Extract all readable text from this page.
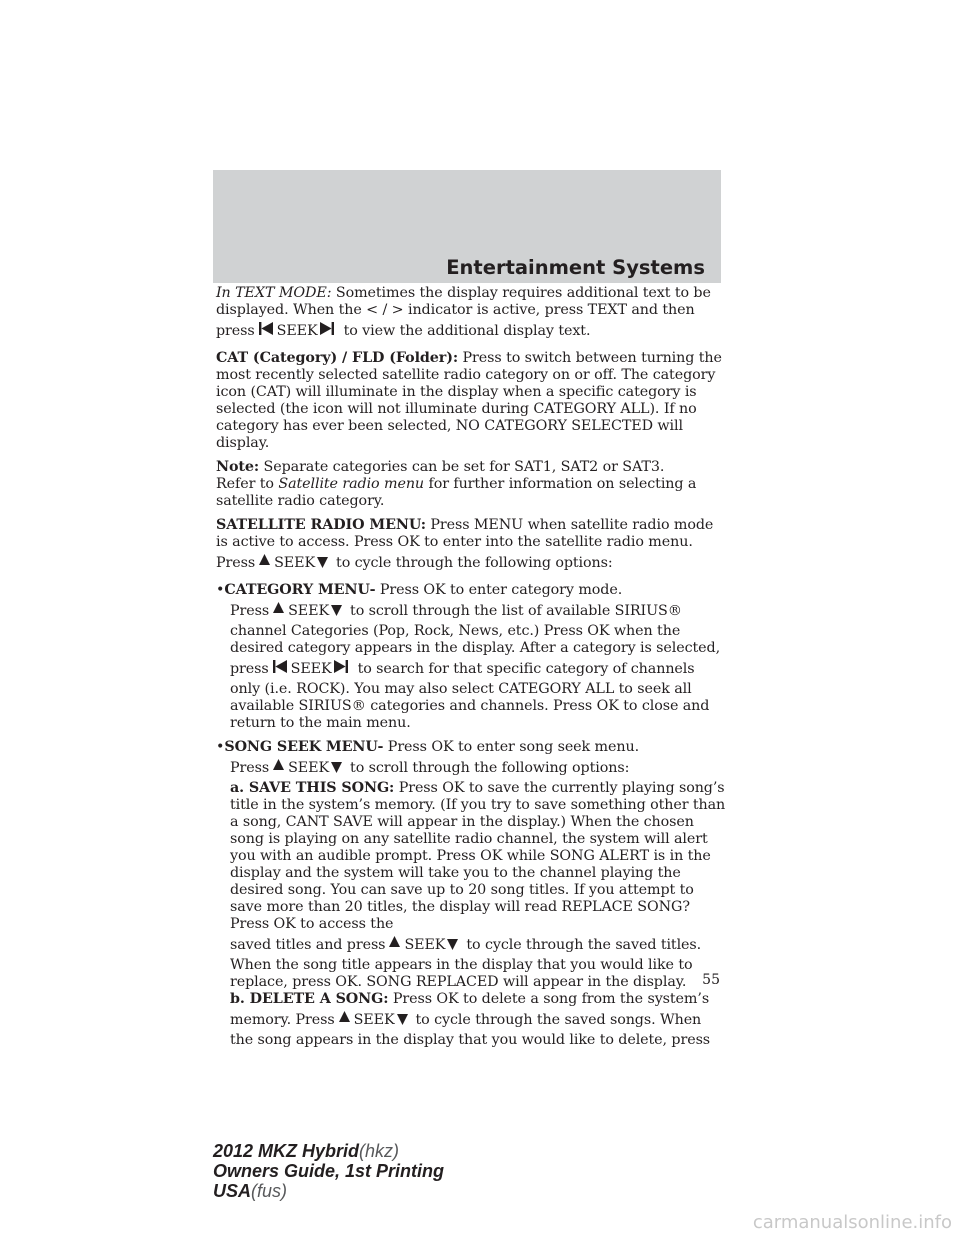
Entertainment Systems

In TEXT MODE: Sometimes the display requires additional text to be displayed. When the < / > indicator is active, press TEXT and then

press SEEK to view the additional display text.

CAT (Category) / FLD (Folder): Press to switch between turning the most recently selected satellite radio category on or off. The category icon (CAT) will illuminate in the display when a specific category is selected (the icon will not illuminate during CATEGORY ALL). If no category has ever been selected, NO CATEGORY SELECTED will display.

Note: Separate categories can be set for SAT1, SAT2 or SAT3.
Refer to Satellite radio menu for further information on selecting a satellite radio category.

SATELLITE RADIO MENU: Press MENU when satellite radio mode is active to access. Press OK to enter into the satellite radio menu.

Press SEEK to cycle through the following options:

•CATEGORY MENU- Press OK to enter category mode.

Press SEEK to scroll through the list of available SIRIUS®

channel Categories (Pop, Rock, News, etc.) Press OK when the desired category appears in the display. After a category is selected,

press SEEK to search for that specific category of channels

only (i.e. ROCK). You may also select CATEGORY ALL to seek all available SIRIUS® categories and channels. Press OK to close and return to the main menu.

•SONG SEEK MENU- Press OK to enter song seek menu.

Press SEEK to scroll through the following options:

a. SAVE THIS SONG: Press OK to save the currently playing song’s title in the system’s memory. (If you try to save something other than a song, CANT SAVE will appear in the display.) When the chosen song is playing on any satellite radio channel, the system will alert you with an audible prompt. Press OK while SONG ALERT is in the display and the system will take you to the channel playing the desired song. You can save up to 20 song titles. If you attempt to save more than 20 titles, the display will read REPLACE SONG? Press OK to access the

saved titles and press SEEK to cycle through the saved titles.

When the song title appears in the display that you would like to replace, press OK. SONG REPLACED will appear in the display.

b. DELETE A SONG: Press OK to delete a song from the system’s

memory. Press SEEK to cycle through the saved songs. When

the song appears in the display that you would like to delete, press

55
2012 MKZ Hybrid(hkz)
Owners Guide, 1st Printing
USA(fus)
carmanualsonline.info
